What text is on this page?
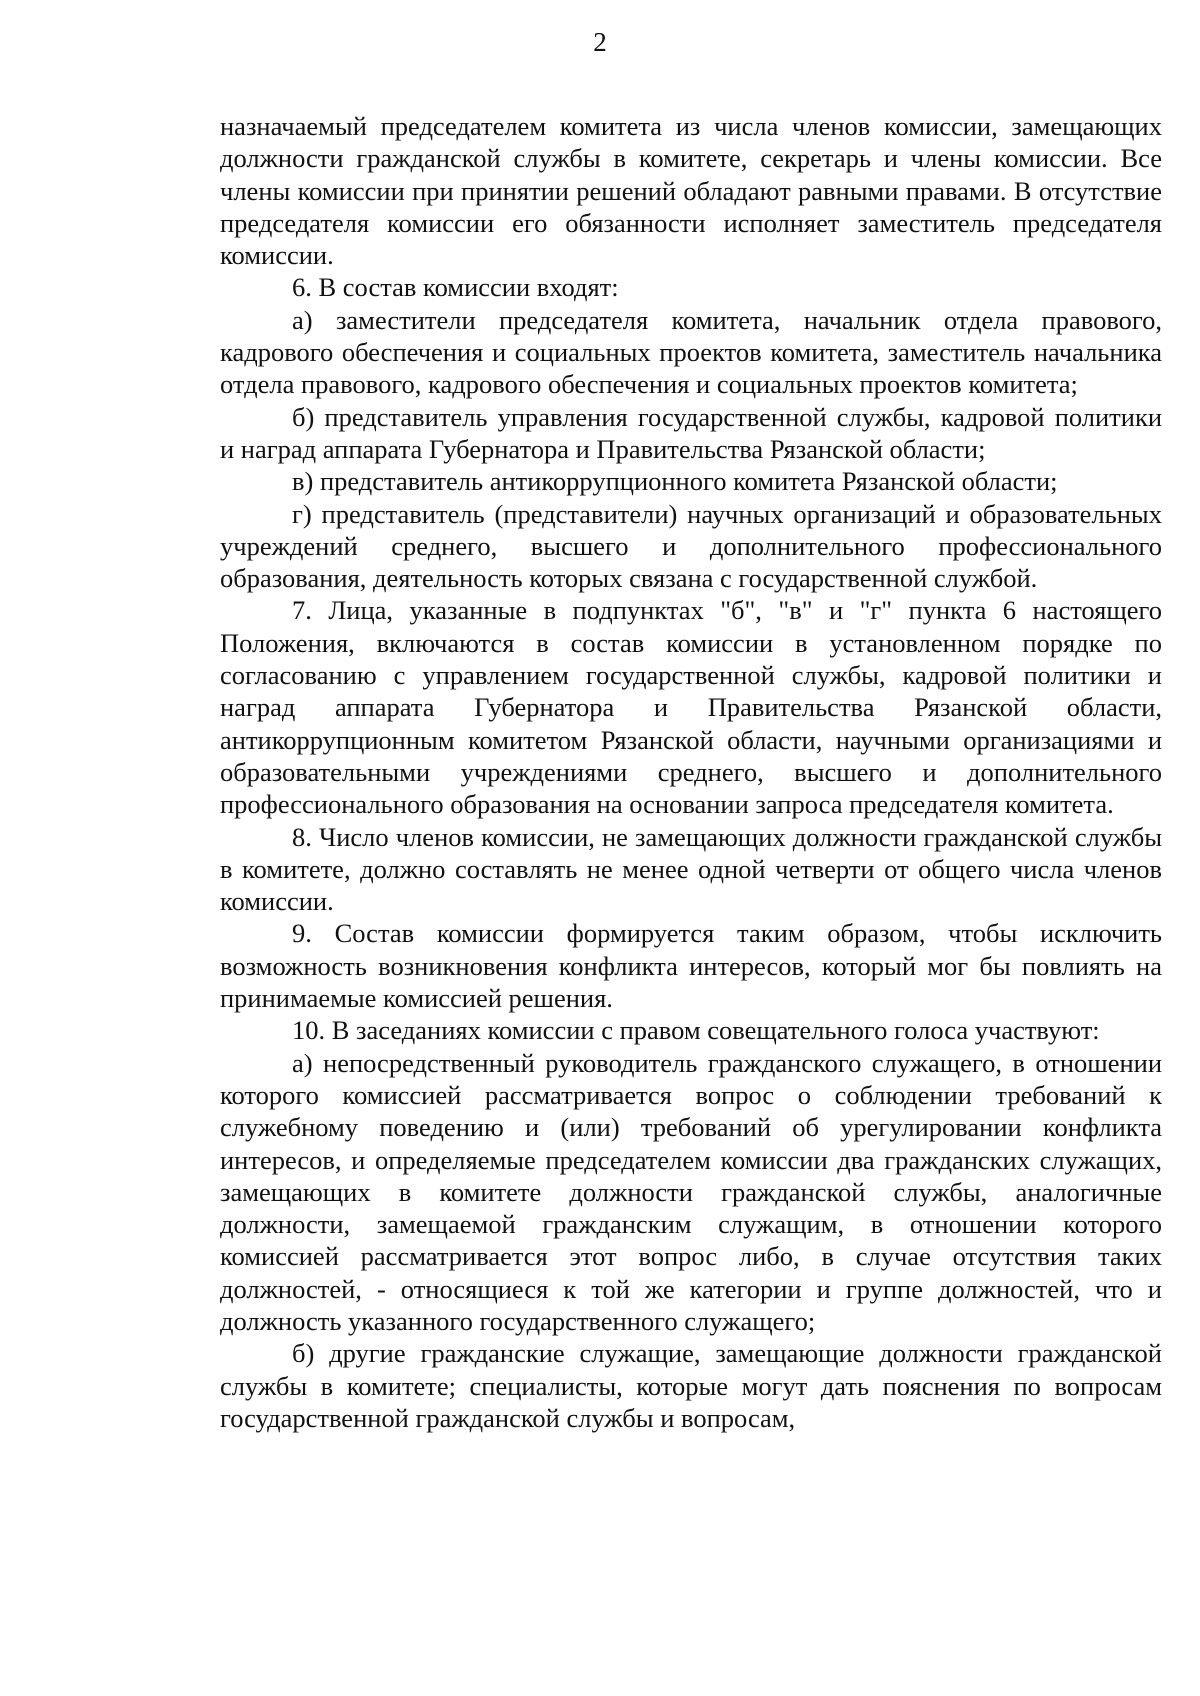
2

назначаемый председателем комитета из числа членов комиссии, замещающих должности гражданской службы в комитете, секретарь и члены комиссии. Все члены комиссии при принятии решений обладают равными правами. В отсутствие председателя комиссии его обязанности исполняет заместитель председателя комиссии.

6. В состав комиссии входят:

а) заместители председателя комитета, начальник отдела правового, кадрового обеспечения и социальных проектов комитета, заместитель начальника отдела правового, кадрового обеспечения и социальных проектов комитета;

б) представитель управления государственной службы, кадровой политики и наград аппарата Губернатора и Правительства Рязанской области;

в) представитель антикоррупционного комитета Рязанской области;

г) представитель (представители) научных организаций и образовательных учреждений среднего, высшего и дополнительного профессионального образования, деятельность которых связана с государственной службой.

7. Лица, указанные в подпунктах "б", "в" и "г" пункта 6 настоящего Положения, включаются в состав комиссии в установленном порядке по согласованию с управлением государственной службы, кадровой политики и наград аппарата Губернатора и Правительства Рязанской области, антикоррупционным комитетом Рязанской области, научными организациями и образовательными учреждениями среднего, высшего и дополнительного профессионального образования на основании запроса председателя комитета.

8. Число членов комиссии, не замещающих должности гражданской службы в комитете, должно составлять не менее одной четверти от общего числа членов комиссии.

9. Состав комиссии формируется таким образом, чтобы исключить возможность возникновения конфликта интересов, который мог бы повлиять на принимаемые комиссией решения.

10. В заседаниях комиссии с правом совещательного голоса участвуют:

а) непосредственный руководитель гражданского служащего, в отношении которого комиссией рассматривается вопрос о соблюдении требований к служебному поведению и (или) требований об урегулировании конфликта интересов, и определяемые председателем комиссии два гражданских служащих, замещающих в комитете должности гражданской службы, аналогичные должности, замещаемой гражданским служащим, в отношении которого комиссией рассматривается этот вопрос либо, в случае отсутствия таких должностей, - относящиеся к той же категории и группе должностей, что и должность указанного государственного служащего;

б) другие гражданские служащие, замещающие должности гражданской службы в комитете; специалисты, которые могут дать пояснения по вопросам государственной гражданской службы и вопросам,
